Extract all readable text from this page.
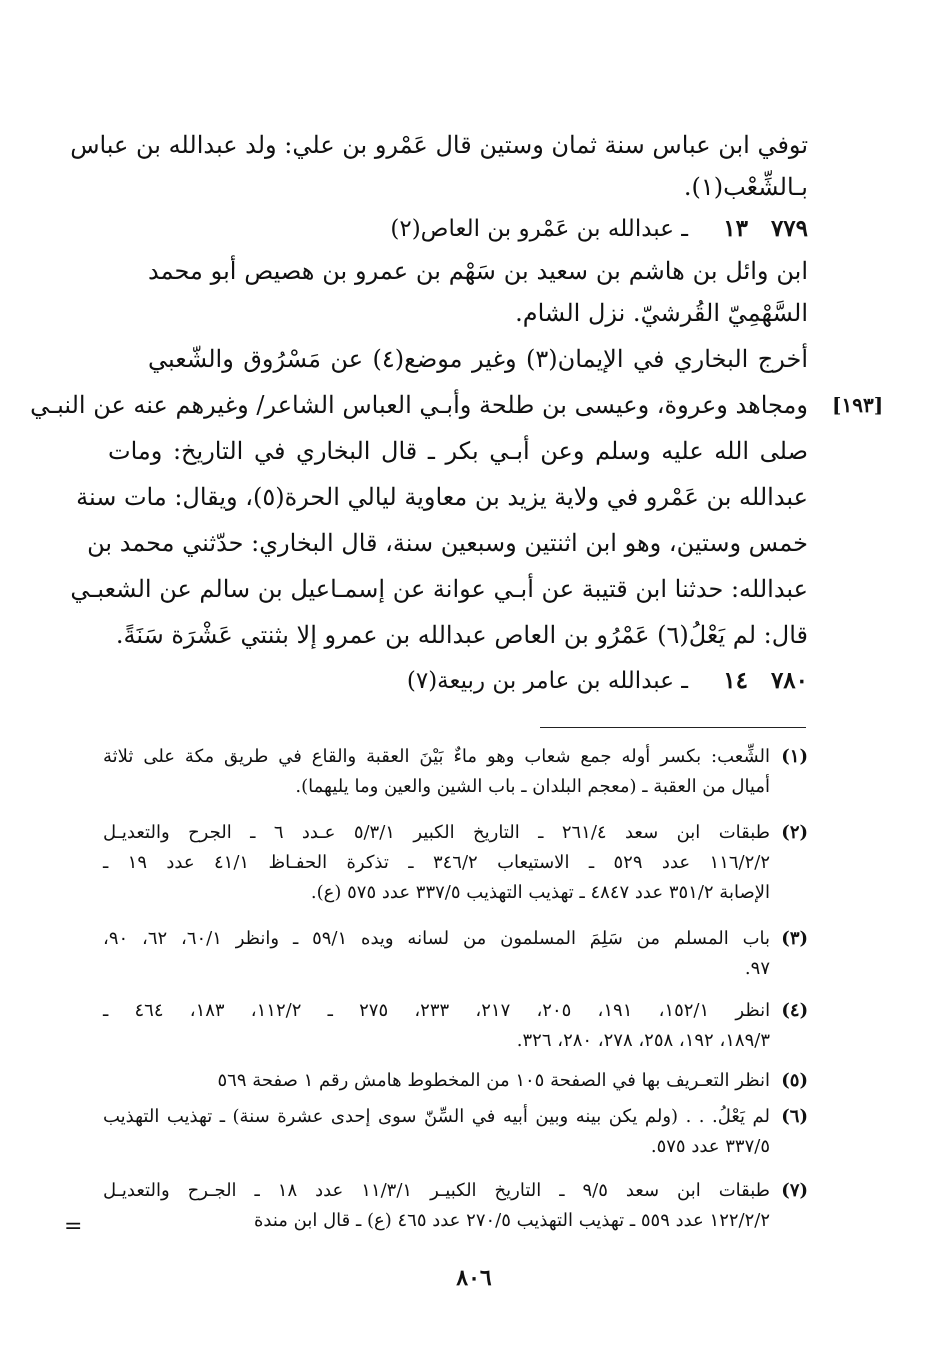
توفي ابن عباس سنة ثمان وستين قال عَمْرو بن علي: ولد عبدالله بن عباس
بـالشِّعْب(١).
٧٧٩١٣ـ عبدالله بن عَمْرو بن العاص(٢)
ابن وائل بن هاشم بن سعيد بن سَهْم بن عمرو بن هصيص أبو محمد
السَّهْمِيّ القُرشيّ. نزل الشام.
أخرج البخاري في الإيمان(٣) وغير موضع(٤) عن مَسْرُوق والشّعبي
[١٩٣]
ومجاهد وعروة، وعيسى بن طلحة وأبـي العباس الشاعر/ وغيرهم عنه عن النبـي
صلى الله عليه وسلم وعن أبـي بكر ـ قال البخاري في التاريخ: ومات
عبدالله بن عَمْرو في ولاية يزيد بن معاوية ليالي الحرة(٥)، ويقال: مات سنة
خمس وستين، وهو ابن اثنتين وسبعين سنة، قال البخاري: حدّثني محمد بن
عبدالله: حدثنا ابن قتيبة عن أبـي عوانة عن إسمـاعيل بن سالم عن الشعبـي
قال: لم يَعْلُ(٦) عَمْرُو بن العاص عبدالله بن عمرو إلا بثنتي عَشْرَة سَنَةً.
٧٨٠١٤ـ عبدالله بن عامر بن ربيعة(٧)
(١)الشِّعب: بكسر أوله جمع شعاب وهو ماءٌ بَيْنَ العقبة والقاع في طريق مكة على ثلاثة
أميال من العقبة ـ (معجم البلدان ـ باب الشين والعين وما يليهما).
(٢)طبقات ابن سعد ٢٦١/٤ ـ التاريخ الكبير ٥/٣/١ عـدد ٦ ـ الجرح والتعديـل
١١٦/٢/٢ عدد ٥٢٩ ـ الاستيعاب ٣٤٦/٢ ـ تذكرة الحفـاظ ٤١/١ عدد ١٩ ـ
الإصابة ٣٥١/٢ عدد ٤٨٤٧ ـ تهذيب التهذيب ٣٣٧/٥ عدد ٥٧٥ (ع).
(٣)باب المسلم من سَلِمَ المسلمون من لسانه ويده ٥٩/١ ـ وانظر ٦٠/١، ٦٢، ٩٠،
٩٧.
(٤)انظر ١٥٢/١، ١٩١، ٢٠٥، ٢١٧، ٢٣٣، ٢٧٥ ـ ١١٢/٢، ١٨٣، ٤٦٤ ـ
١٨٩/٣، ١٩٢، ٢٥٨، ٢٧٨، ٢٨٠، ٣٢٦.
(٥)انظر التعـريف بها في الصفحة ١٠٥ من المخطوط هامش رقم ١ صفحة ٥٦٩
(٦)لم يَعْلُ. . . (ولم يكن بينه وبين أبيه في السِّنّ سوى إحدى عشرة سنة) ـ تهذيب التهذيب
٣٣٧/٥ عدد ٥٧٥.
(٧)طبقات ابن سعد ٩/٥ ـ التاريخ الكبيـر ١١/٣/١ عدد ١٨ ـ الجـرح والتعديـل
١٢٢/٢/٢ عدد ٥٥٩ ـ تهذيب التهذيب ٢٧٠/٥ عدد ٤٦٥ (ع) ـ قال ابن مندة
=
٨٠٦
